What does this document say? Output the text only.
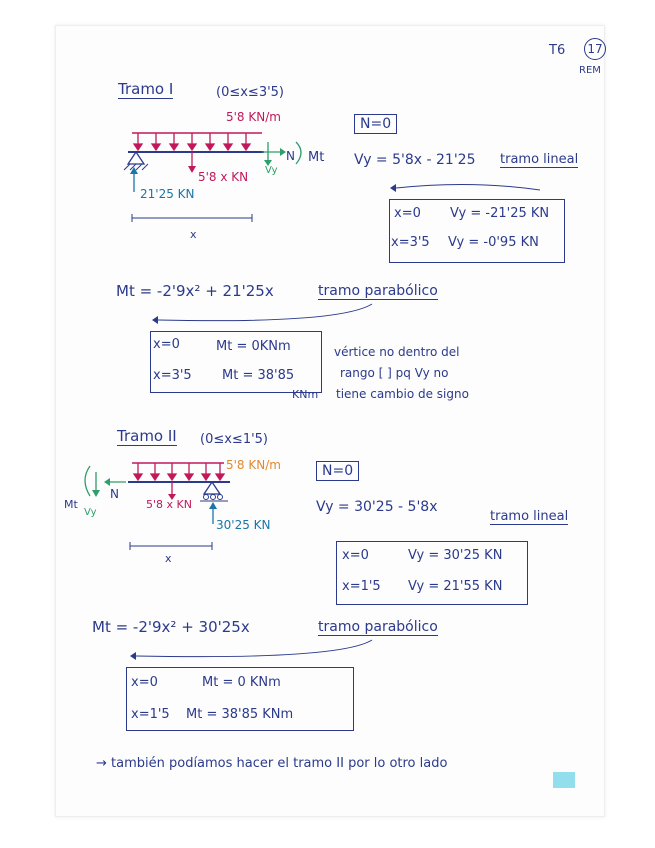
T6 17
REM
Tramo I	(0≤x≤3'5)
5'8 KN/m
5'8 x KN
21'25 KN
N
Vy
Mt
x
N=0
Vy = 5'8x - 21'25 tramo lineal
x=0 Vy = -21'25 KN
x=3'5 Vy = -0'95 KN
Mt = -2'9x² + 21'25x	tramo parabólico
x=0	Mt = 0KNm
x=3'5 Mt = 38'85
KNm
vértice no dentro del
rango [ ] pq Vy no
tiene cambio de signo
Tramo II (0≤x≤1'5)
5'8 KN/m
5'8 x KN
30'25 KN
N
Vy
Mt
x
N=0
Vy = 30'25 - 5'8x
tramo lineal
x=0	Vy = 30'25 KN
x=1'5 Vy = 21'55 KN
Mt = -2'9x² + 30'25x	tramo parabólico
x=0	Mt = 0 KNm
x=1'5 Mt = 38'85 KNm
→ también podíamos hacer el tramo II por lo otro lado
